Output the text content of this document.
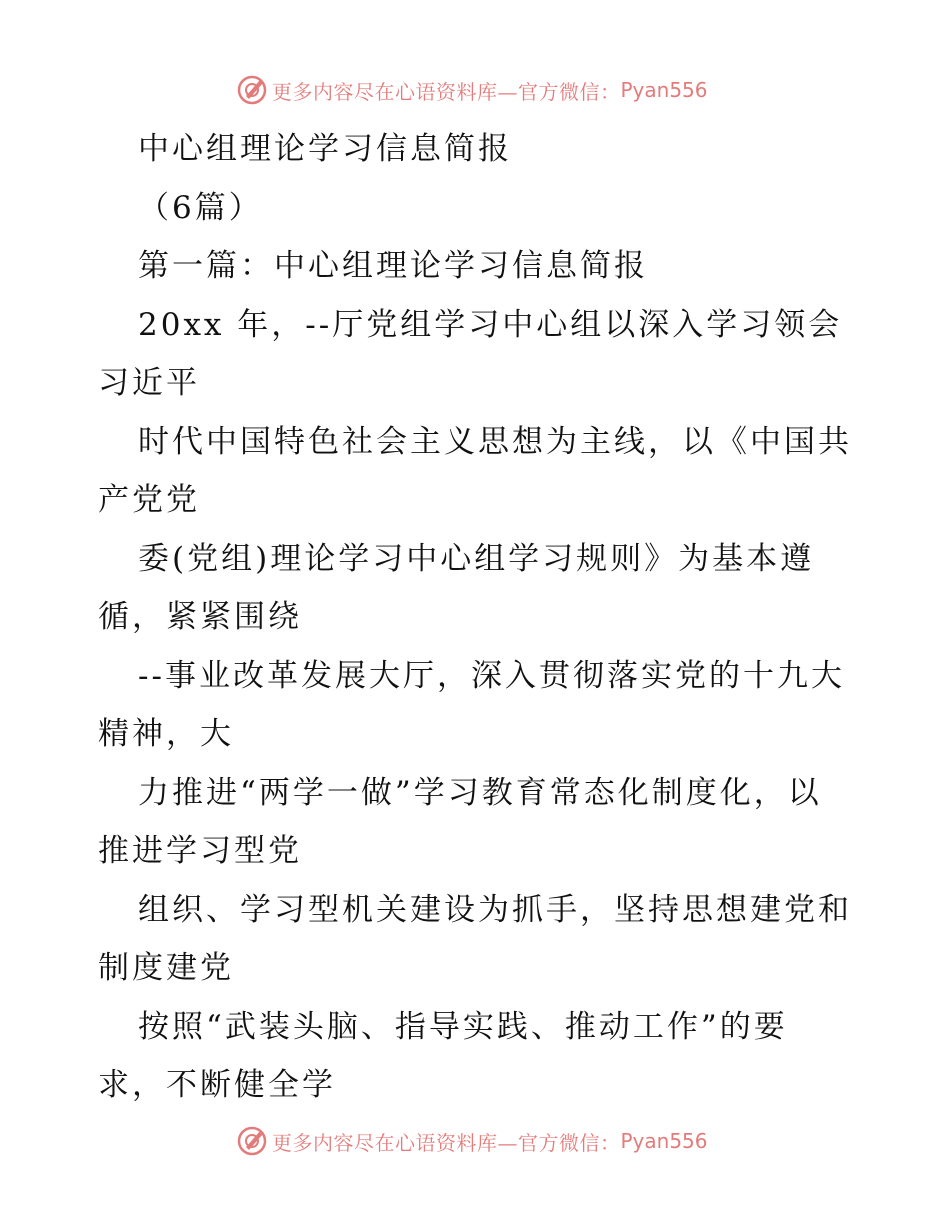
更多内容尽在心语资料库—官方微信： Pyan556
中心组理论学习信息简报
（6篇）
第一篇：中心组理论学习信息简报
20xx 年，--厅党组学习中心组以深入学习领会
习近平
时代中国特色社会主义思想为主线，以《中国共
产党党
委(党组)理论学习中心组学习规则》为基本遵
循，紧紧围绕
--事业改革发展大厅，深入贯彻落实党的十九大
精神，大
力推进“两学一做”学习教育常态化制度化，以
推进学习型党
组织、学习型机关建设为抓手，坚持思想建党和
制度建党
按照“武装头脑、指导实践、推动工作”的要
求，不断健全学
更多内容尽在心语资料库—官方微信： Pyan556
